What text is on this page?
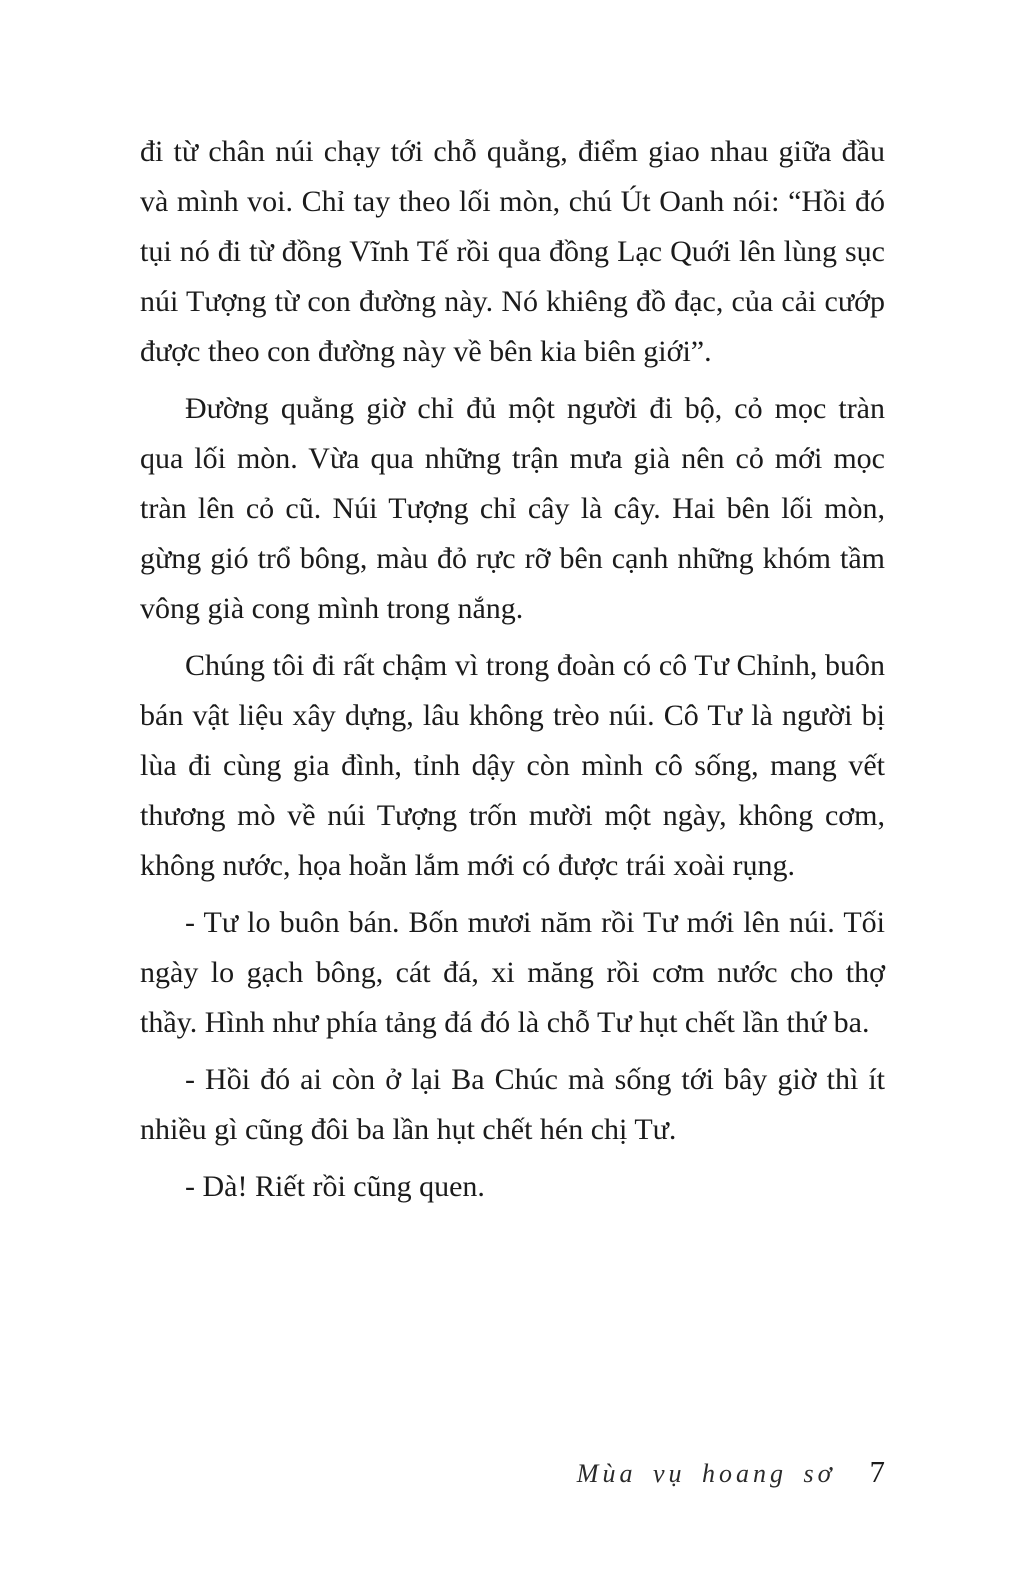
đi từ chân núi chạy tới chỗ quằng, điểm giao nhau giữa đầu và mình voi. Chỉ tay theo lối mòn, chú Út Oanh nói: “Hồi đó tụi nó đi từ đồng Vĩnh Tế rồi qua đồng Lạc Quới lên lùng sục núi Tượng từ con đường này. Nó khiêng đồ đạc, của cải cướp được theo con đường này về bên kia biên giới”.

Đường quằng giờ chỉ đủ một người đi bộ, cỏ mọc tràn qua lối mòn. Vừa qua những trận mưa già nên cỏ mới mọc tràn lên cỏ cũ. Núi Tượng chỉ cây là cây. Hai bên lối mòn, gừng gió trổ bông, màu đỏ rực rỡ bên cạnh những khóm tầm vông già cong mình trong nắng.

Chúng tôi đi rất chậm vì trong đoàn có cô Tư Chỉnh, buôn bán vật liệu xây dựng, lâu không trèo núi. Cô Tư là người bị lùa đi cùng gia đình, tỉnh dậy còn mình cô sống, mang vết thương mò về núi Tượng trốn mười một ngày, không cơm, không nước, họa hoằn lắm mới có được trái xoài rụng.

- Tư lo buôn bán. Bốn mươi năm rồi Tư mới lên núi. Tối ngày lo gạch bông, cát đá, xi măng rồi cơm nước cho thợ thầy. Hình như phía tảng đá đó là chỗ Tư hụt chết lần thứ ba.

- Hồi đó ai còn ở lại Ba Chúc mà sống tới bây giờ thì ít nhiều gì cũng đôi ba lần hụt chết hén chị Tư.

- Dà! Riết rồi cũng quen.

Mùa vụ hoang sơ 7
